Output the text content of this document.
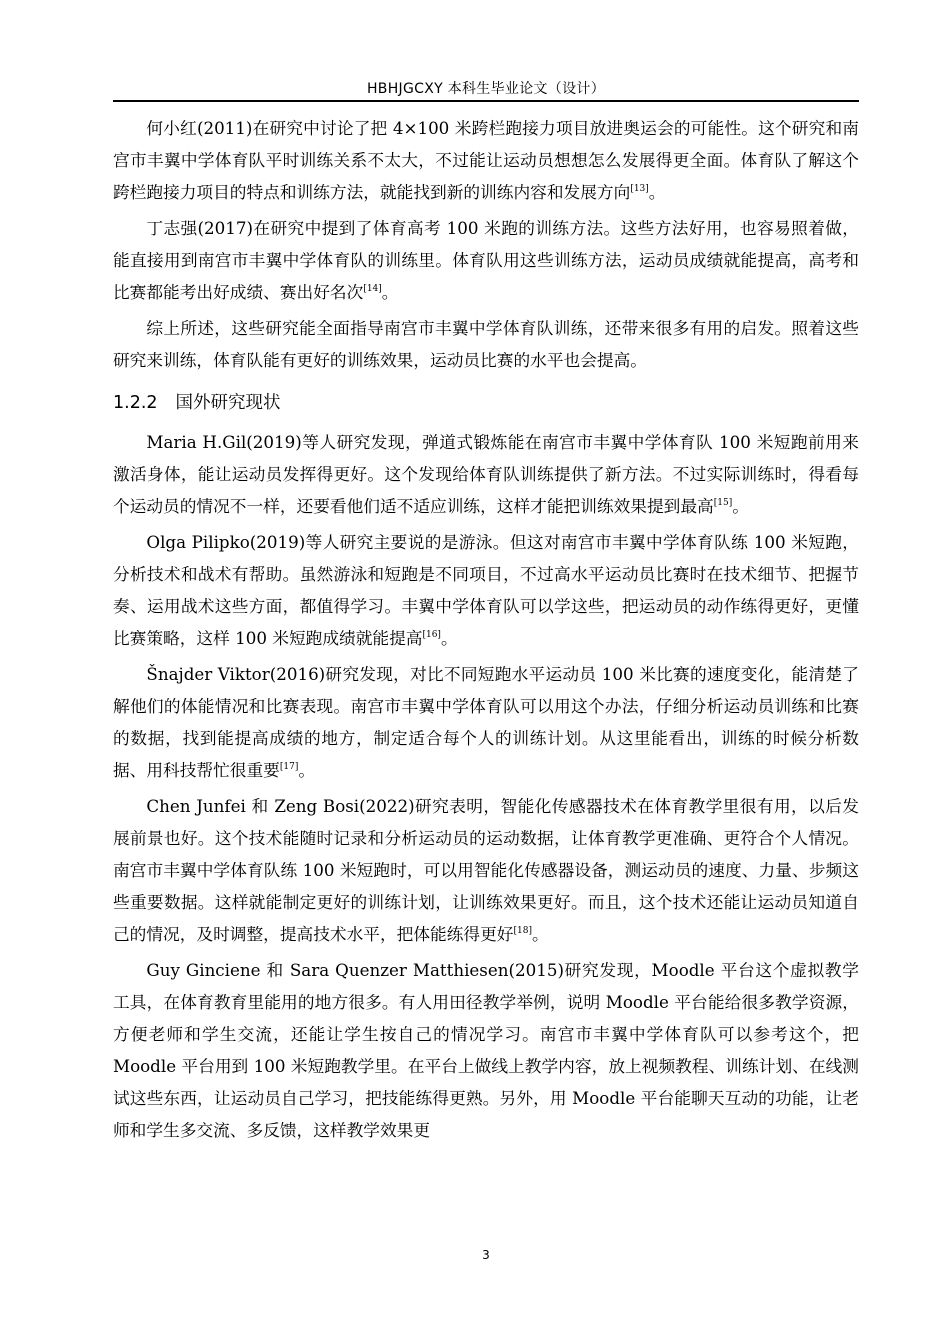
HBHJGCXY 本科生毕业论文（设计）

何小红(2011)在研究中讨论了把 4×100 米跨栏跑接力项目放进奥运会的可能性。这个研究和南宫市丰翼中学体育队平时训练关系不太大，不过能让运动员想想怎么发展得更全面。体育队了解这个跨栏跑接力项目的特点和训练方法，就能找到新的训练内容和发展方向[13]。

丁志强(2017)在研究中提到了体育高考 100 米跑的训练方法。这些方法好用，也容易照着做，能直接用到南宫市丰翼中学体育队的训练里。体育队用这些训练方法，运动员成绩就能提高，高考和比赛都能考出好成绩、赛出好名次[14]。

综上所述，这些研究能全面指导南宫市丰翼中学体育队训练，还带来很多有用的启发。照着这些研究来训练，体育队能有更好的训练效果，运动员比赛的水平也会提高。

1.2.2 国外研究现状

Maria H.Gil(2019)等人研究发现，弹道式锻炼能在南宫市丰翼中学体育队 100 米短跑前用来激活身体，能让运动员发挥得更好。这个发现给体育队训练提供了新方法。不过实际训练时，得看每个运动员的情况不一样，还要看他们适不适应训练，这样才能把训练效果提到最高[15]。

Olga Pilipko(2019)等人研究主要说的是游泳。但这对南宫市丰翼中学体育队练 100 米短跑，分析技术和战术有帮助。虽然游泳和短跑是不同项目，不过高水平运动员比赛时在技术细节、把握节奏、运用战术这些方面，都值得学习。丰翼中学体育队可以学这些，把运动员的动作练得更好，更懂比赛策略，这样 100 米短跑成绩就能提高[16]。

Šnajder Viktor(2016)研究发现，对比不同短跑水平运动员 100 米比赛的速度变化，能清楚了解他们的体能情况和比赛表现。南宫市丰翼中学体育队可以用这个办法，仔细分析运动员训练和比赛的数据，找到能提高成绩的地方，制定适合每个人的训练计划。从这里能看出，训练的时候分析数据、用科技帮忙很重要[17]。

Chen Junfei 和 Zeng Bosi(2022)研究表明，智能化传感器技术在体育教学里很有用，以后发展前景也好。这个技术能随时记录和分析运动员的运动数据，让体育教学更准确、更符合个人情况。南宫市丰翼中学体育队练 100 米短跑时，可以用智能化传感器设备，测运动员的速度、力量、步频这些重要数据。这样就能制定更好的训练计划，让训练效果更好。而且，这个技术还能让运动员知道自己的情况，及时调整，提高技术水平，把体能练得更好[18]。

Guy Ginciene 和 Sara Quenzer Matthiesen(2015)研究发现，Moodle 平台这个虚拟教学工具，在体育教育里能用的地方很多。有人用田径教学举例，说明 Moodle 平台能给很多教学资源，方便老师和学生交流，还能让学生按自己的情况学习。南宫市丰翼中学体育队可以参考这个，把 Moodle 平台用到 100 米短跑教学里。在平台上做线上教学内容，放上视频教程、训练计划、在线测试这些东西，让运动员自己学习，把技能练得更熟。另外，用 Moodle 平台能聊天互动的功能，让老师和学生多交流、多反馈，这样教学效果更

3
